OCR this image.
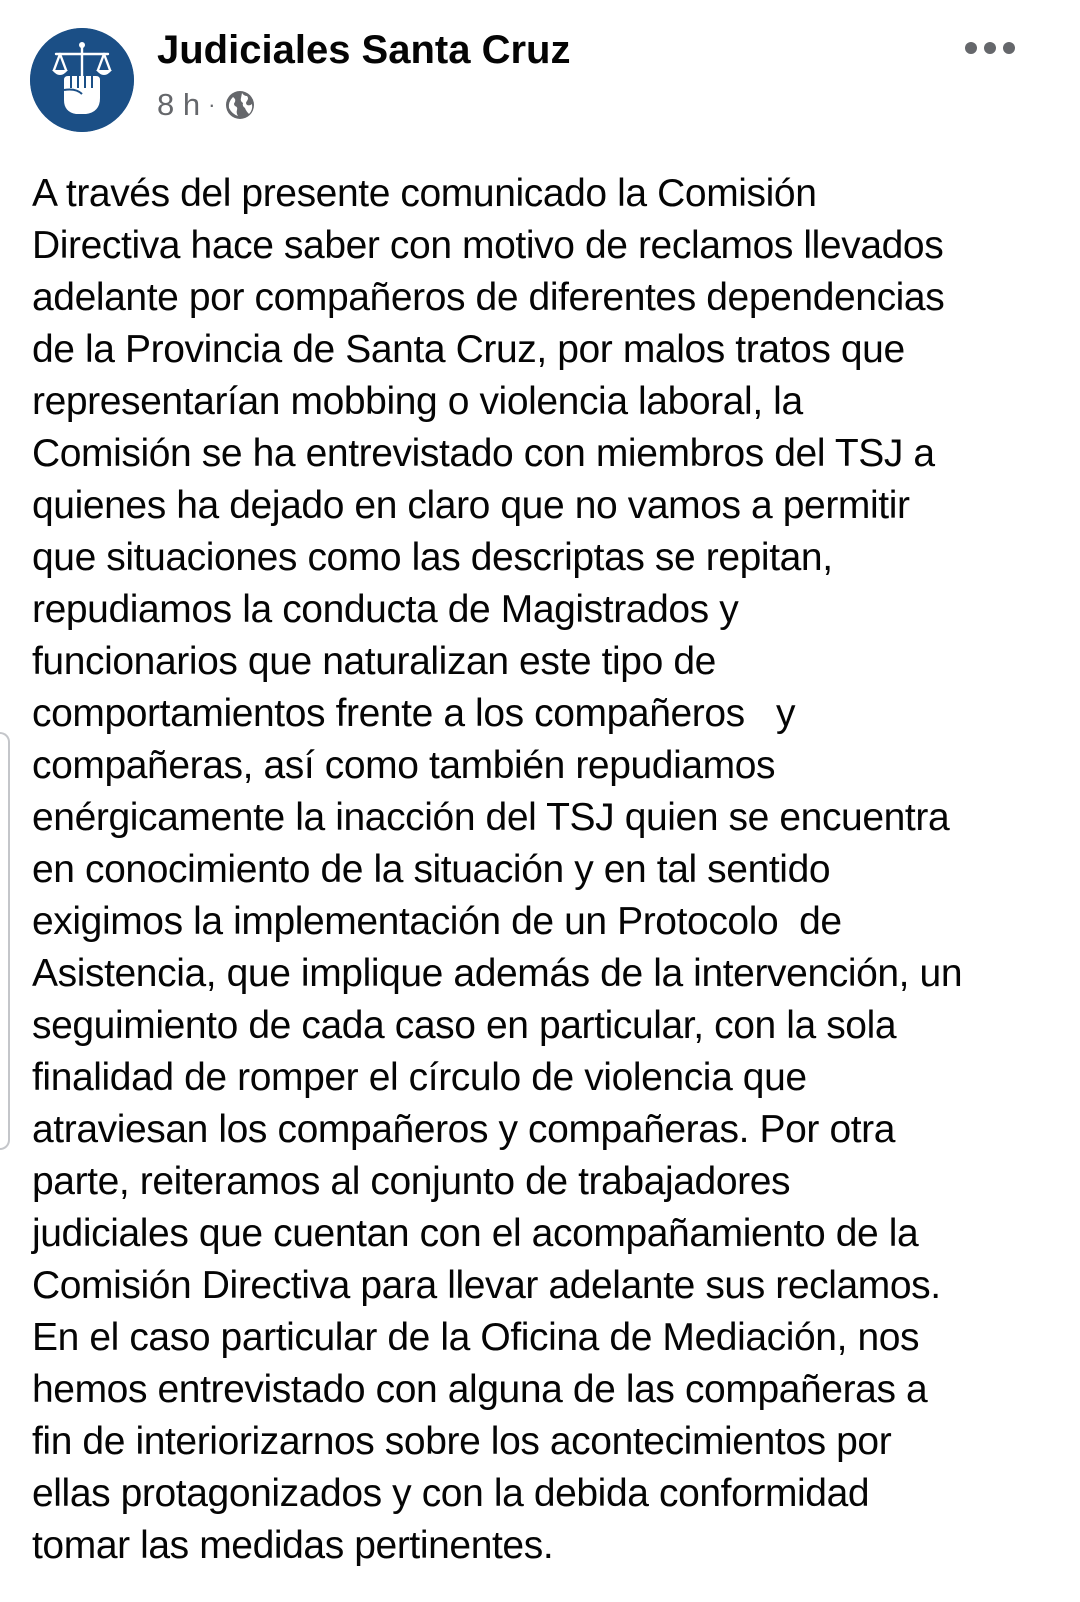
Judiciales Santa Cruz
8 h ·
A través del presente comunicado la Comisión
Directiva hace saber con motivo de reclamos llevados
adelante por compañeros de diferentes dependencias
de la Provincia de Santa Cruz, por malos tratos que
representarían mobbing o violencia laboral, la
Comisión se ha entrevistado con miembros del TSJ a
quienes ha dejado en claro que no vamos a permitir
que situaciones como las descriptas se repitan,
repudiamos la conducta de Magistrados y
funcionarios que naturalizan este tipo de
comportamientos frente a los compañeros   y
compañeras, así como también repudiamos
enérgicamente la inacción del TSJ quien se encuentra
en conocimiento de la situación y en tal sentido
exigimos la implementación de un Protocolo  de
Asistencia, que implique además de la intervención, un
seguimiento de cada caso en particular, con la sola
finalidad de romper el círculo de violencia que
atraviesan los compañeros y compañeras. Por otra
parte, reiteramos al conjunto de trabajadores
judiciales que cuentan con el acompañamiento de la
Comisión Directiva para llevar adelante sus reclamos.
En el caso particular de la Oficina de Mediación, nos
hemos entrevistado con alguna de las compañeras a
fin de interiorizarnos sobre los acontecimientos por
ellas protagonizados y con la debida conformidad
tomar las medidas pertinentes.
